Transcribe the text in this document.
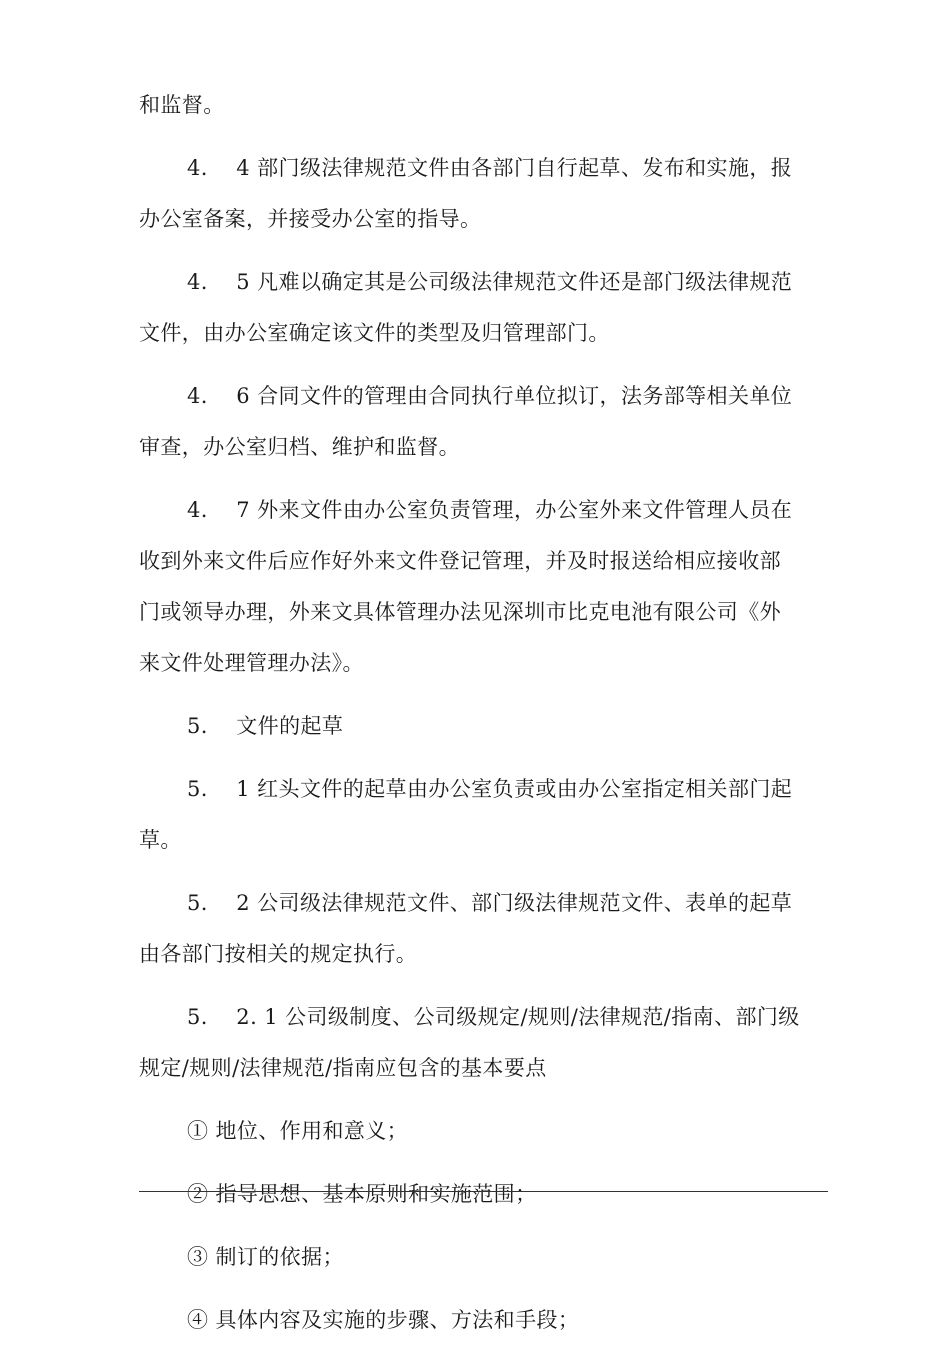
和监督。
4.　 4 部门级法律规范文件由各部门自行起草、发布和实施，报
办公室备案，并接受办公室的指导。
4.　 5 凡难以确定其是公司级法律规范文件还是部门级法律规范
文件，由办公室确定该文件的类型及归管理部门。
4.　 6 合同文件的管理由合同执行单位拟订，法务部等相关单位
审查，办公室归档、维护和监督。
4.　 7 外来文件由办公室负责管理，办公室外来文件管理人员在
收到外来文件后应作好外来文件登记管理，并及时报送给相应接收部
门或领导办理，外来文具体管理办法见深圳市比克电池有限公司《外
来文件处理管理办法》。
5.　 文件的起草
5.　 1 红头文件的起草由办公室负责或由办公室指定相关部门起
草。
5.　 2 公司级法律规范文件、部门级法律规范文件、表单的起草
由各部门按相关的规定执行。
5.　 2. 1 公司级制度、公司级规定/规则/法律规范/指南、部门级
规定/规则/法律规范/指南应包含的基本要点
① 地位、作用和意义；
② 指导思想、基本原则和实施范围；
③ 制订的依据；
④ 具体内容及实施的步骤、方法和手段；
